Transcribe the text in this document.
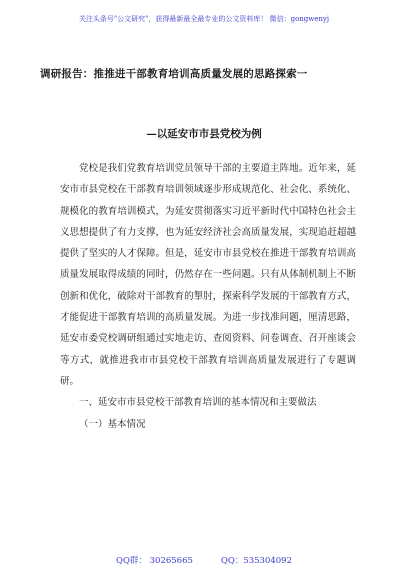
关注头条号"公文研究"，获得最新最全最专业的公文资料库！ 微信：gongwenyj
调研报告：推推进干部教育培训高质量发展的思路探索一
—以延安市市县党校为例

党校是我们党教育培训党员领导干部的主要道主阵地。近年来，延安市市县党校在干部教育培训领域逐步形成规范化、社会化、系统化、规模化的教育培训模式，为延安贯彻落实习近平新时代中国特色社会主义思想提供了有力支撑，也为延安经济社会高质量发展，实现追赶超越提供了坚实的人才保障。但是，延安市市县党校在推进干部教育培训高质量发展取得成绩的同时，仍然存在一些问题。只有从体制机制上不断创新和优化，破除对干部教育的掣肘，探索科学发展的干部教育方式，才能促进干部教育培训的高质量发展。为进一步找准问题，厘清思路，延安市委党校调研组通过实地走访、查阅资料、问卷调查、召开座谈会等方式，就推进我市市县党校干部教育培训高质量发展进行了专题调研。

一、延安市市县党校干部教育培训的基本情况和主要做法

（一）基本情况

QQ群： 30265665	QQ：535304092
